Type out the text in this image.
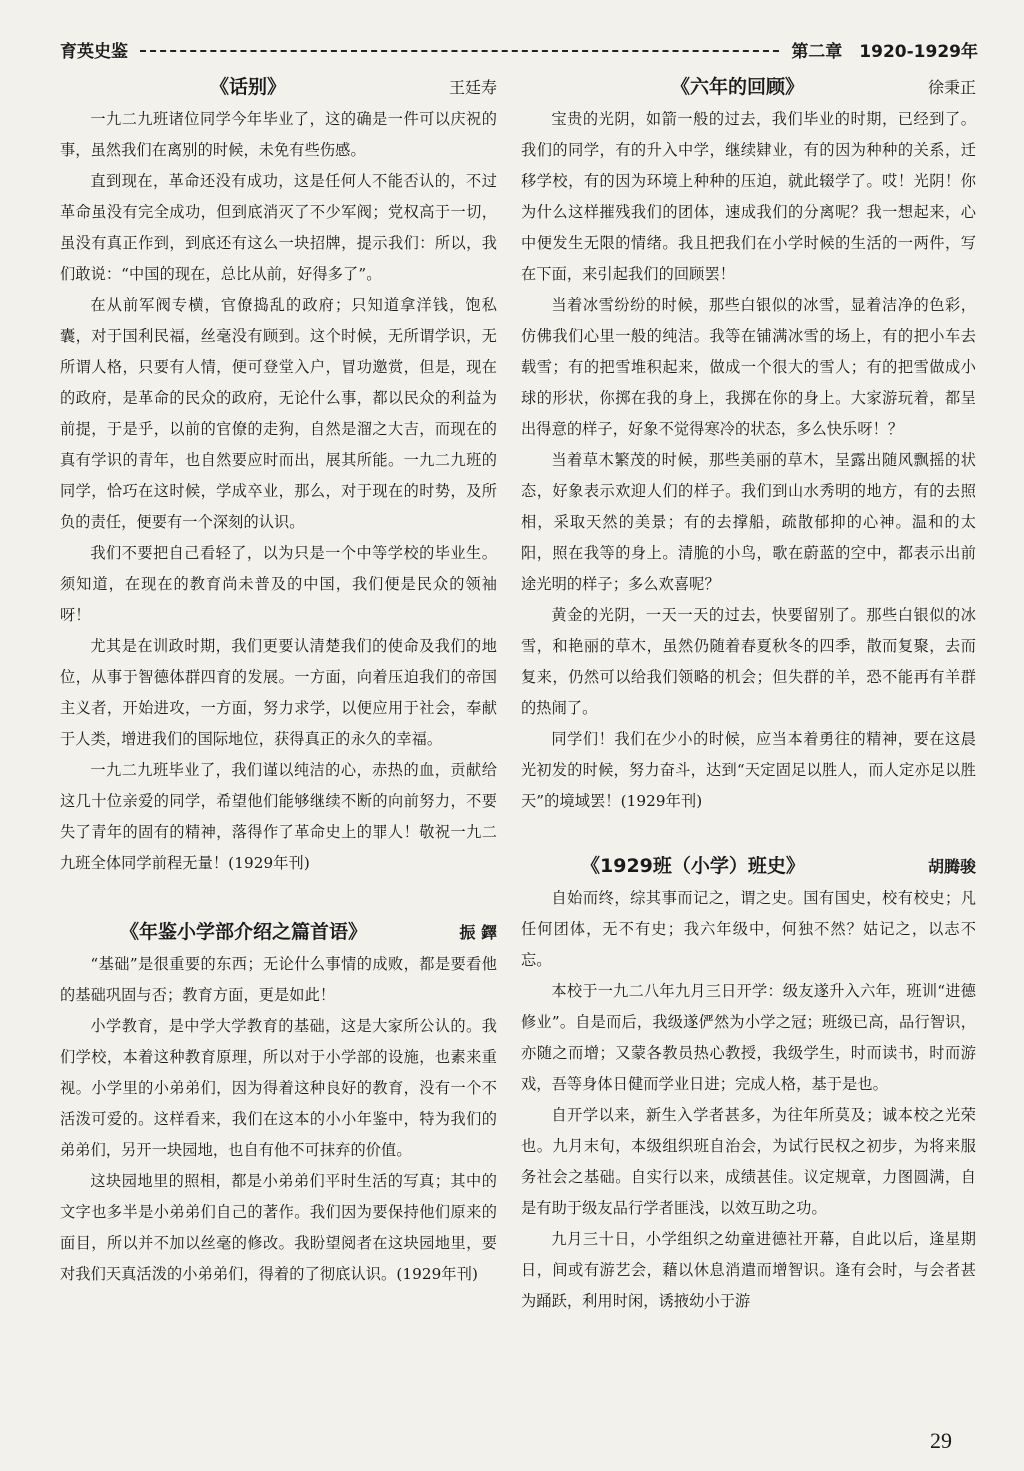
育英史鉴	第二章　1920-1929年
《话别》	王廷寿

一九二九班诸位同学今年毕业了，这的确是一件可以庆祝的事，虽然我们在离别的时候，未免有些伤感。

直到现在，革命还没有成功，这是任何人不能否认的，不过革命虽没有完全成功，但到底消灭了不少军阀；党权高于一切，虽没有真正作到，到底还有这么一块招牌，提示我们：所以，我们敢说：“中国的现在，总比从前，好得多了”。

在从前军阀专横，官僚捣乱的政府；只知道拿洋钱，饱私囊，对于国利民福，丝毫没有顾到。这个时候，无所谓学识，无所谓人格，只要有人情，便可登堂入户，冒功邀赏，但是，现在的政府，是革命的民众的政府，无论什么事，都以民众的利益为前提，于是乎，以前的官僚的走狗，自然是溜之大吉，而现在的真有学识的青年，也自然要应时而出，展其所能。一九二九班的同学，恰巧在这时候，学成卒业，那么，对于现在的时势，及所负的责任，便要有一个深刻的认识。

我们不要把自己看轻了，以为只是一个中等学校的毕业生。须知道，在现在的教育尚未普及的中国，我们便是民众的领袖呀！

尤其是在训政时期，我们更要认清楚我们的使命及我们的地位，从事于智德体群四育的发展。一方面，向着压迫我们的帝国主义者，开始进攻，一方面，努力求学，以便应用于社会，奉献于人类，增进我们的国际地位，获得真正的永久的幸福。

一九二九班毕业了，我们谨以纯洁的心，赤热的血，贡献给这几十位亲爱的同学，希望他们能够继续不断的向前努力，不要失了青年的固有的精神，落得作了革命史上的罪人！敬祝一九二九班全体同学前程无量！(1929年刊)

《年鉴小学部介绍之篇首语》	振 鐸

“基础”是很重要的东西；无论什么事情的成败，都是要看他的基础巩固与否；教育方面，更是如此！

小学教育，是中学大学教育的基础，这是大家所公认的。我们学校，本着这种教育原理，所以对于小学部的设施，也素来重视。小学里的小弟弟们，因为得着这种良好的教育，没有一个不活泼可爱的。这样看来，我们在这本的小小年鉴中，特为我们的弟弟们，另开一块园地，也自有他不可抹弃的价值。

这块园地里的照相，都是小弟弟们平时生活的写真；其中的文字也多半是小弟弟们自己的著作。我们因为要保持他们原来的面目，所以并不加以丝毫的修改。我盼望阅者在这块园地里，要对我们天真活泼的小弟弟们，得着的了彻底认识。(1929年刊)

《六年的回顾》	徐秉正

宝贵的光阴，如箭一般的过去，我们毕业的时期，已经到了。我们的同学，有的升入中学，继续肄业，有的因为种种的关系，迁移学校，有的因为环境上种种的压迫，就此辍学了。哎！光阴！你为什么这样摧残我们的团体，速成我们的分离呢？我一想起来，心中便发生无限的情绪。我且把我们在小学时候的生活的一两件，写在下面，来引起我们的回顾罢！

当着冰雪纷纷的时候，那些白银似的冰雪，显着洁净的色彩，仿佛我们心里一般的纯洁。我等在铺满冰雪的场上，有的把小车去载雪；有的把雪堆积起来，做成一个很大的雪人；有的把雪做成小球的形状，你掷在我的身上，我掷在你的身上。大家游玩着，都呈出得意的样子，好象不觉得寒冷的状态，多么快乐呀！？

当着草木繁茂的时候，那些美丽的草木，呈露出随风飘摇的状态，好象表示欢迎人们的样子。我们到山水秀明的地方，有的去照相，采取天然的美景；有的去撑船，疏散郁抑的心神。温和的太阳，照在我等的身上。清脆的小鸟，歌在蔚蓝的空中，都表示出前途光明的样子；多么欢喜呢？

黄金的光阴，一天一天的过去，快要留别了。那些白银似的冰雪，和艳丽的草木，虽然仍随着春夏秋冬的四季，散而复聚，去而复来，仍然可以给我们领略的机会；但失群的羊，恐不能再有羊群的热闹了。

同学们！我们在少小的时候，应当本着勇往的精神，要在这晨光初发的时候，努力奋斗，达到“天定固足以胜人，而人定亦足以胜天”的境域罢！(1929年刊)

《1929班（小学）班史》	胡腾骏

自始而终，综其事而记之，谓之史。国有国史，校有校史；凡任何团体，无不有史；我六年级中，何独不然？姑记之，以志不忘。

本校于一九二八年九月三日开学：级友遂升入六年，班训“进德修业”。自是而后，我级遂俨然为小学之冠；班级已高，品行智识，亦随之而增；又蒙各教员热心教授，我级学生，时而读书，时而游戏，吾等身体日健而学业日进；完成人格，基于是也。

自开学以来，新生入学者甚多，为往年所莫及；诚本校之光荣也。九月末旬，本级组织班自治会，为试行民权之初步，为将来服务社会之基础。自实行以来，成绩甚佳。议定规章，力图圆满，自是有助于级友品行学者匪浅，以效互助之功。

九月三十日，小学组织之幼童进德社开幕，自此以后，逢星期日，间或有游艺会，藉以休息消遣而增智识。逢有会时，与会者甚为踊跃，利用时闲，诱掖幼小于游

29
